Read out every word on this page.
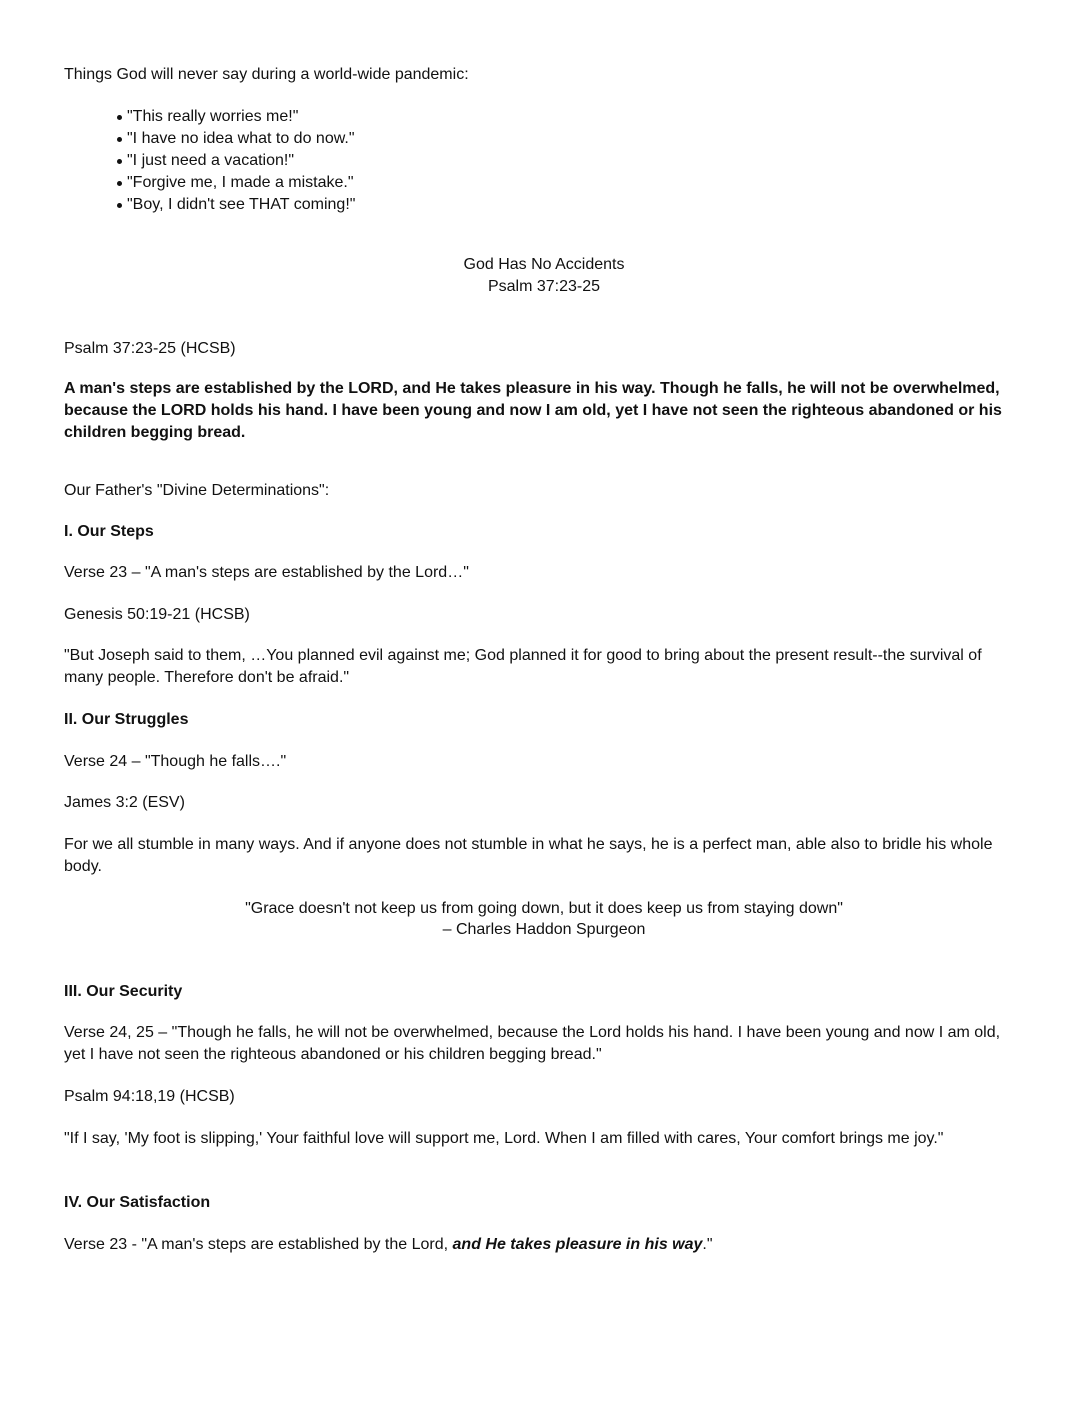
Things God will never say during a world-wide pandemic:

"This really worries me!"
"I have no idea what to do now."
"I just need a vacation!"
"Forgive me, I made a mistake."
"Boy, I didn't see THAT coming!"

God Has No Accidents

Psalm 37:23-25

Psalm 37:23-25 (HCSB)

A man's steps are established by the LORD, and He takes pleasure in his way. Though he falls, he will not be overwhelmed, because the LORD holds his hand. I have been young and now I am old, yet I have not seen the righteous abandoned or his children begging bread.

Our Father's "Divine Determinations":

I. Our Steps

Verse 23 – "A man's steps are established by the Lord…"

Genesis 50:19-21 (HCSB)

"But Joseph said to them, …You planned evil against me; God planned it for good to bring about the present result--the survival of many people. Therefore don't be afraid."

II. Our Struggles

Verse 24 – "Though he falls…."

James 3:2 (ESV)

For we all stumble in many ways. And if anyone does not stumble in what he says, he is a perfect man, able also to bridle his whole body.

"Grace doesn't not keep us from going down, but it does keep us from staying down"

– Charles Haddon Spurgeon

III. Our Security

Verse 24, 25 – "Though he falls, he will not be overwhelmed, because the Lord holds his hand. I have been young and now I am old, yet I have not seen the righteous abandoned or his children begging bread."

Psalm 94:18,19 (HCSB)

"If I say, 'My foot is slipping,' Your faithful love will support me, Lord. When I am filled with cares, Your comfort brings me joy."

IV. Our Satisfaction

Verse 23 - "A man's steps are established by the Lord, and He takes pleasure in his way."
